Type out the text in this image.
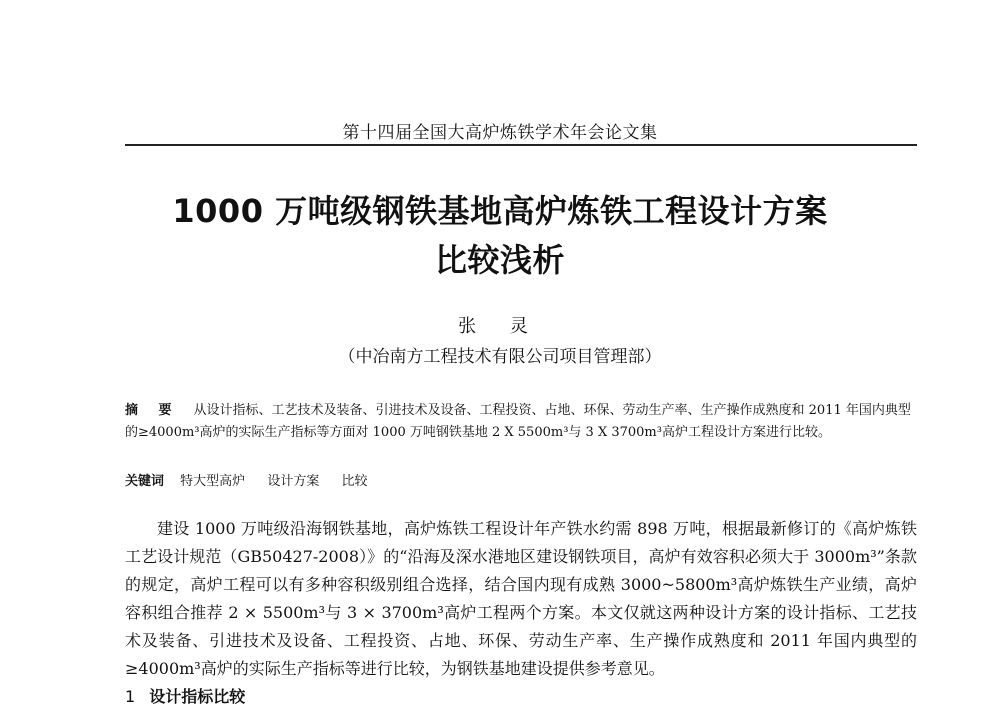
第十四届全国大高炉炼铁学术年会论文集
1000 万吨级钢铁基地高炉炼铁工程设计方案
比较浅析
张 灵
（中冶南方工程技术有限公司项目管理部）
摘 要 从设计指标、工艺技术及装备、引进技术及设备、工程投资、占地、环保、劳动生产率、生产操作成熟度和 2011 年国内典型的≥4000m³高炉的实际生产指标等方面对 1000 万吨钢铁基地 2 X 5500m³与 3 X 3700m³高炉工程设计方案进行比较。
关键词 特大型高炉 设计方案 比较
建设 1000 万吨级沿海钢铁基地，高炉炼铁工程设计年产铁水约需 898 万吨，根据最新修订的《高炉炼铁工艺设计规范（GB50427-2008）》的“沿海及深水港地区建设钢铁项目，高炉有效容积必须大于 3000m³”条款的规定，高炉工程可以有多种容积级别组合选择，结合国内现有成熟 3000~5800m³高炉炼铁生产业绩，高炉容积组合推荐 2 × 5500m³与 3 × 3700m³高炉工程两个方案。本文仅就这两种设计方案的设计指标、工艺技术及装备、引进技术及设备、工程投资、占地、环保、劳动生产率、生产操作成熟度和 2011 年国内典型的≥4000m³高炉的实际生产指标等进行比较，为钢铁基地建设提供参考意见。
1 设计指标比较
